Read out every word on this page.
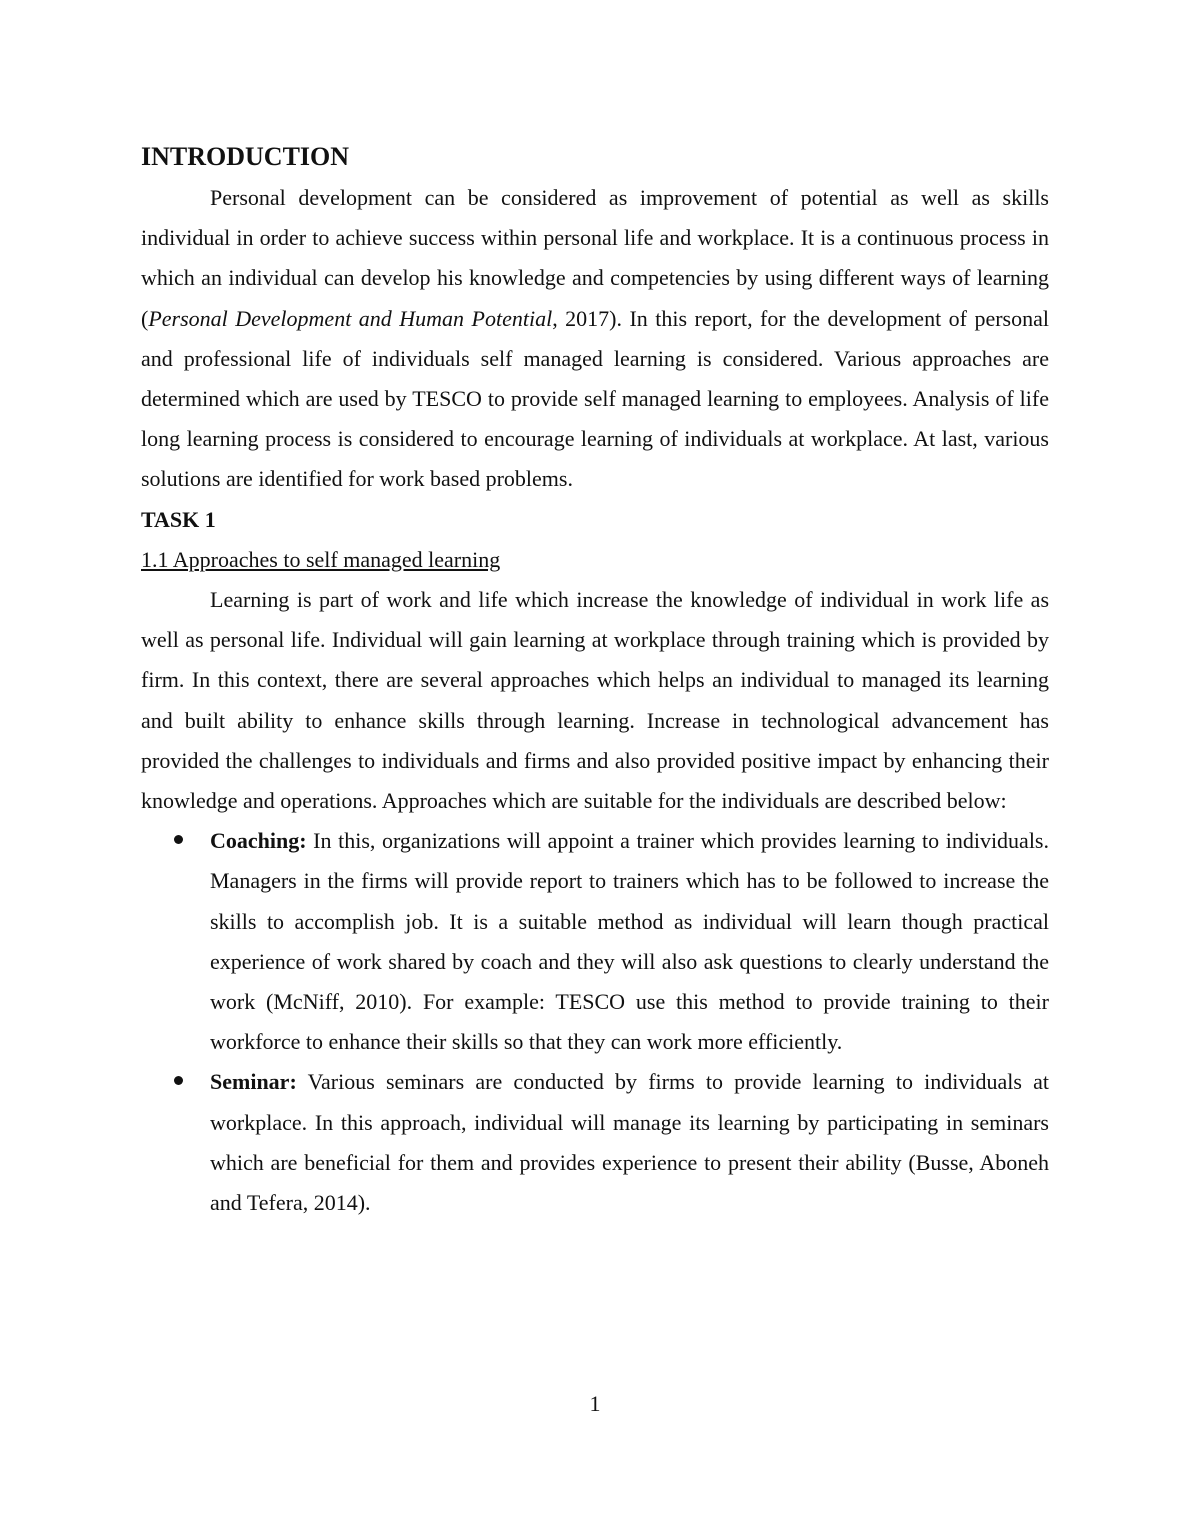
INTRODUCTION

Personal development can be considered as improvement of potential as well as skills individual in order to achieve success within personal life and workplace. It is a continuous process in which an individual can develop his knowledge and competencies by using different ways of learning (Personal Development and Human Potential, 2017). In this report, for the development of personal and professional life of individuals self managed learning is considered. Various approaches are determined which are used by TESCO to provide self managed learning to employees. Analysis of life long learning process is considered to encourage learning of individuals at workplace. At last, various solutions are identified for work based problems.

TASK 1

1.1 Approaches to self managed learning

Learning is part of work and life which increase the knowledge of individual in work life as well as personal life. Individual will gain learning at workplace through training which is provided by firm. In this context, there are several approaches which helps an individual to managed its learning and built ability to enhance skills through learning. Increase in technological advancement has provided the challenges to individuals and firms and also provided positive impact by enhancing their knowledge and operations. Approaches which are suitable for the individuals are described below:

Coaching: In this, organizations will appoint a trainer which provides learning to individuals. Managers in the firms will provide report to trainers which has to be followed to increase the skills to accomplish job. It is a suitable method as individual will learn though practical experience of work shared by coach and they will also ask questions to clearly understand the work (McNiff, 2010). For example: TESCO use this method to provide training to their workforce to enhance their skills so that they can work more efficiently.
Seminar: Various seminars are conducted by firms to provide learning to individuals at workplace. In this approach, individual will manage its learning by participating in seminars which are beneficial for them and provides experience to present their ability (Busse, Aboneh and Tefera, 2014).
1
